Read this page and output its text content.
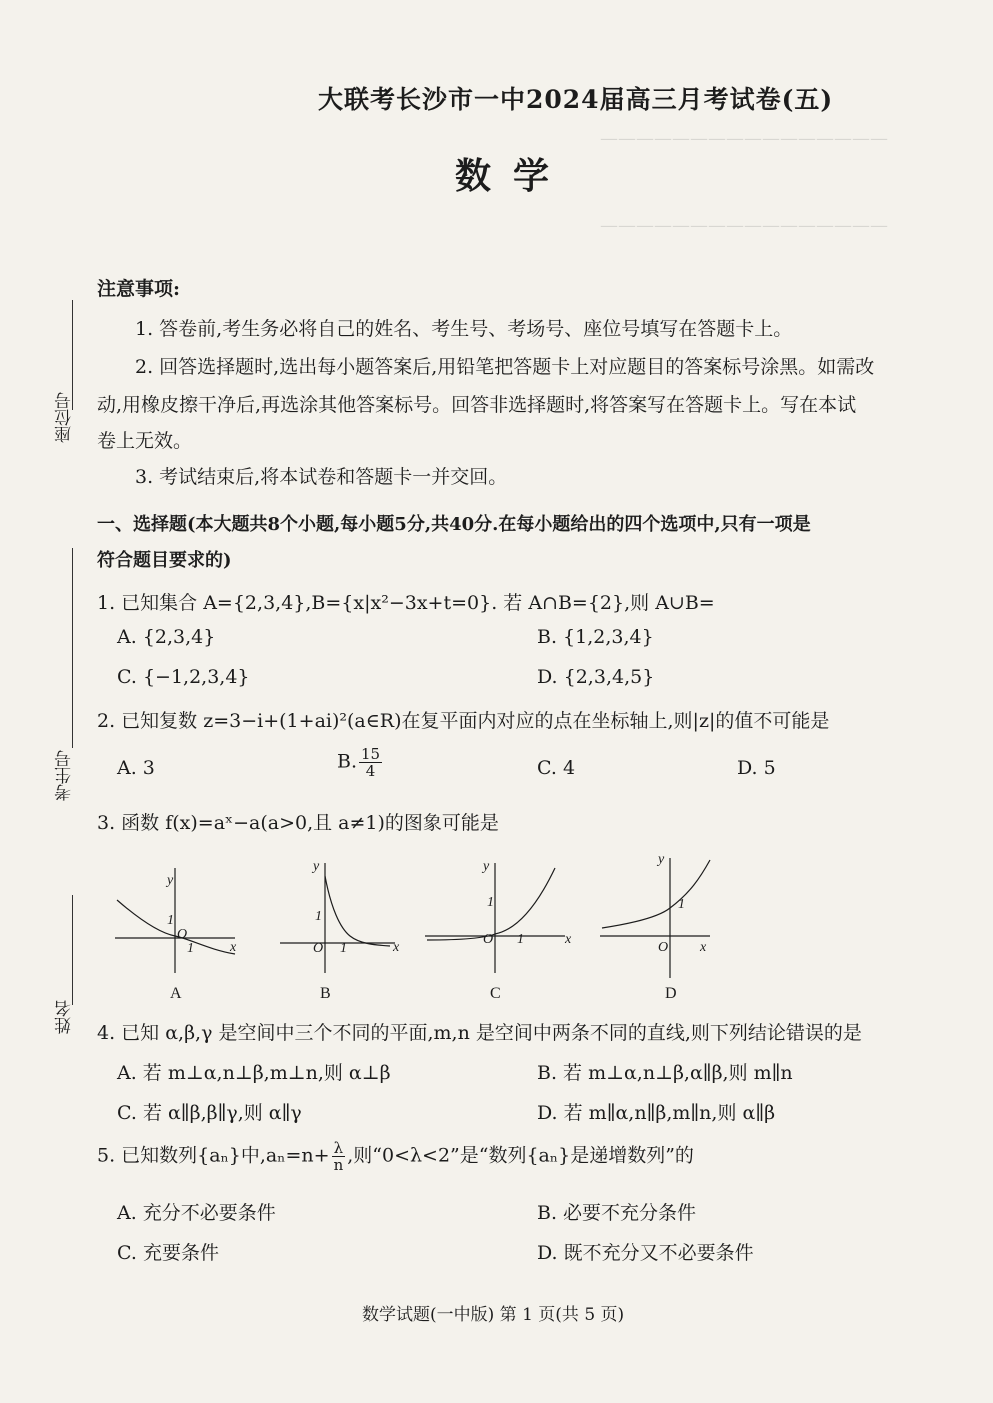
————————————————
————————————————
大联考长沙市一中2024届高三月考试卷(五)
数学
座位号
考生号
姓名
注意事项:
1. 答卷前,考生务必将自己的姓名、考生号、考场号、座位号填写在答题卡上。
2. 回答选择题时,选出每小题答案后,用铅笔把答题卡上对应题目的答案标号涂黑。如需改
动,用橡皮擦干净后,再选涂其他答案标号。回答非选择题时,将答案写在答题卡上。写在本试
卷上无效。
3. 考试结束后,将本试卷和答题卡一并交回。
一、选择题(本大题共8个小题,每小题5分,共40分.在每小题给出的四个选项中,只有一项是
符合题目要求的)
1. 已知集合 A={2,3,4},B={x|x²−3x+t=0}. 若 A∩B={2},则 A∪B=
A. {2,3,4}	B. {1,2,3,4}
C. {−1,2,3,4}	D. {2,3,4,5}
2. 已知复数 z=3−i+(1+ai)²(a∈R)在复平面内对应的点在坐标轴上,则|z|的值不可能是
A. 3	B. $\frac{15}{4}$	C. 4	D. 5
3. 函数 f(x)=aˣ−a(a>0,且 a≠1)的图象可能是
y
x
O
1
1
y
x
O
1
1
y
x
O
1
1
y
x
O
1
A	B	C	D
4. 已知 α,β,γ 是空间中三个不同的平面,m,n 是空间中两条不同的直线,则下列结论错误的是
A. 若 m⊥α,n⊥β,m⊥n,则 α⊥β	B. 若 m⊥α,n⊥β,α∥β,则 m∥n
C. 若 α∥β,β∥γ,则 α∥γ	D. 若 m∥α,n∥β,m∥n,则 α∥β
5. 已知数列{aₙ}中$,a_n=n+ \frac{\lambda}{n}$ ,则“0<λ<2”是“数列{aₙ}是递增数列”的
A. 充分不必要条件	B. 必要不充分条件
C. 充要条件	D. 既不充分又不必要条件
数学试题(一中版) 第 1 页(共 5 页)
